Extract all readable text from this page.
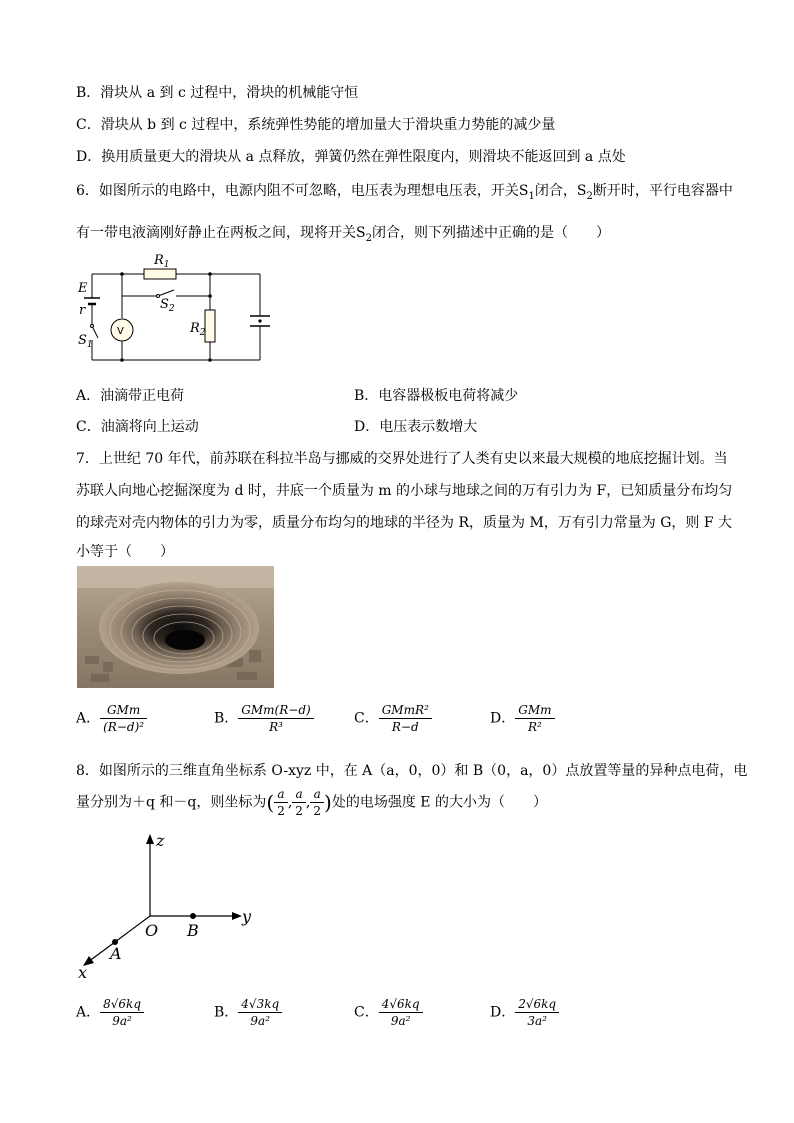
B．滑块从 a 到 c 过程中，滑块的机械能守恒
C．滑块从 b 到 c 过程中，系统弹性势能的增加量大于滑块重力势能的减少量
D．换用质量更大的滑块从 a 点释放，弹簧仍然在弹性限度内，则滑块不能返回到 a 点处
6．如图所示的电路中，电源内阻不可忽略，电压表为理想电压表，开关$S_1$闭合，$S_2$断开时，平行电容器中
有一带电液滴刚好静止在两板之间，现将开关$S_2$闭合，则下列描述中正确的是（　　）
E
r
$S_1$
$R_1$
$S_2$
$R_2$
V
A．油滴带正电荷	B．电容器极板电荷将减少
C．油滴将向上运动	D．电压表示数增大
7．上世纪 70 年代，前苏联在科拉半岛与挪威的交界处进行了人类有史以来最大规模的地底挖掘计划。当
苏联人向地心挖掘深度为 d 时，井底一个质量为 m 的小球与地球之间的万有引力为 F，已知质量分布均匀
的球壳对壳内物体的引力为零，质量分布均匀的地球的半径为 R，质量为 M，万有引力常量为 G，则 F 大
小等于（　　）
A． $\frac{\text{GMm}}{\text{(R−d)²}}$	B． $\frac{\text{GMm(R−d)}}{\text{R³}}$	C． $\frac{\text{GMmR²}}{R-d}$	D． $\frac{\text{GMm}}{\text{R²}}$
8．如图所示的三维直角坐标系 O-xyz 中，在 A（a，0，0）和 B（0，a，0）点放置等量的异种点电荷，电
量分别为＋q 和－q，则坐标为( $\frac{a}{2}$ , $\frac{a}{2}$ , $\frac{a}{2}$ )处的电场强度 E 的大小为（　　）
z
y
x
O B
A
A． $\frac{8√6kq}{\text{9a²}}$	B． $\frac{4√3kq}{\text{9a²}}$	C． $\frac{4√6kq}{\text{9a²}}$	D． $\frac{2√6kq}{\text{3a²}}$
